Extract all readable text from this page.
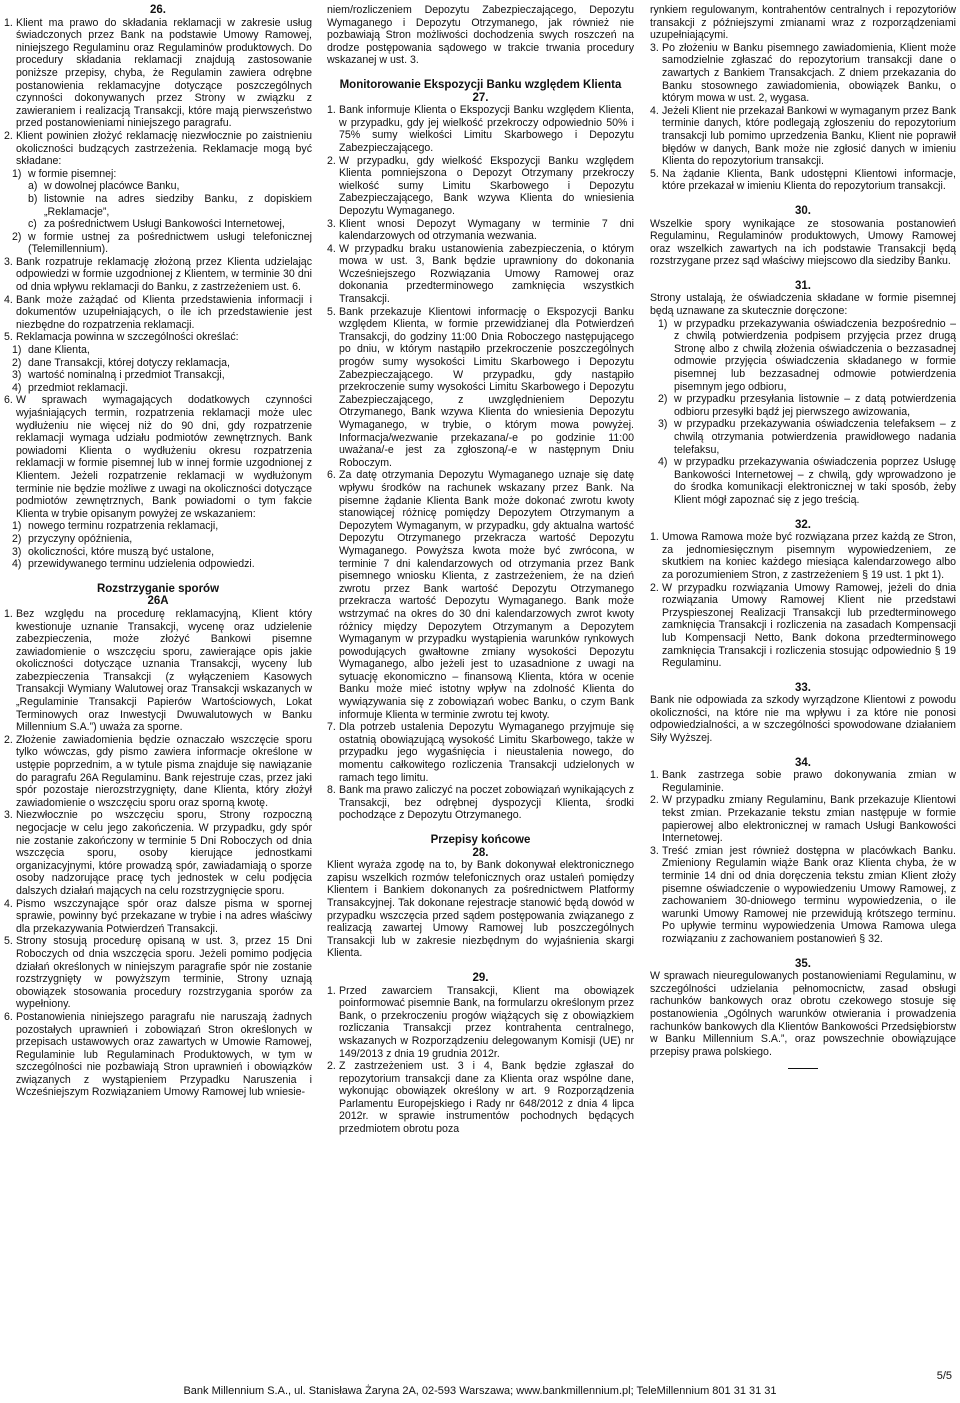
26.

1. Klient ma prawo do składania reklamacji w zakresie usług świadczonych przez Bank na podstawie Umowy Ramowej, niniejszego Regulaminu oraz Regulaminów produktowych. Do procedury składania reklamacji znajdują zastosowanie poniższe przepisy, chyba, że Regulamin zawiera odrębne postanowienia reklamacyjne dotyczące poszczególnych czynności dokonywanych przez Strony w związku z zawieraniem i realizacją Transakcji, które mają pierwszeństwo przed postanowieniami niniejszego paragrafu.
2. Klient powinien złożyć reklamację niezwłocznie po zaistnieniu okoliczności budzących zastrzeżenia. Reklamacje mogą być składane:
1) w formie pisemnej:
a) w dowolnej placówce Banku,
b) listownie na adres siedziby Banku, z dopiskiem „Reklamacje”,
c) za pośrednictwem Usługi Bankowości Internetowej,
2) w formie ustnej za pośrednictwem usługi telefonicznej (Telemillennium).
3. Bank rozpatruje reklamację złożoną przez Klienta udzielając odpowiedzi w formie uzgodnionej z Klientem, w terminie 30 dni od dnia wpływu reklamacji do Banku, z zastrzeżeniem ust. 6.
4. Bank może zażądać od Klienta przedstawienia informacji i dokumentów uzupełniających, o ile ich przedstawienie jest niezbędne do rozpatrzenia reklamacji.
5. Reklamacja powinna w szczególności określać:
1) dane Klienta,
2) dane Transakcji, której dotyczy reklamacja,
3) wartość nominalną i przedmiot Transakcji,
4) przedmiot reklamacji.
6. W sprawach wymagających dodatkowych czynności wyjaśniających termin, rozpatrzenia reklamacji może ulec wydłużeniu nie więcej niż do 90 dni, gdy rozpatrzenie reklamacji wymaga udziału podmiotów zewnętrznych. Bank powiadomi Klienta o wydłużeniu okresu rozpatrzenia reklamacji w formie pisemnej lub w innej formie uzgodnionej z Klientem. Jeżeli rozpatrzenie reklamacji w wydłużonym terminie nie będzie możliwe z uwagi na okoliczności dotyczące podmiotów zewnętrznych, Bank powiadomi o tym fakcie Klienta w trybie opisanym powyżej ze wskazaniem:
1) nowego terminu rozpatrzenia reklamacji,
2) przyczyny opóźnienia,
3) okoliczności, które muszą być ustalone,
4) przewidywanego terminu udzielenia odpowiedzi.

Rozstrzyganie sporów

26A

1. Bez względu na procedurę reklamacyjną, Klient który kwestionuje uznanie Transakcji, wycenę oraz udzielenie zabezpieczenia, może złożyć Bankowi pisemne zawiadomienie o wszczęciu sporu, zawierające opis jakie okoliczności dotyczące uznania Transakcji, wyceny lub zabezpieczenia Transakcji (z wyłączeniem Kasowych Transakcji Wymiany Walutowej oraz Transakcji wskazanych w „Regulaminie Transakcji Papierów Wartościowych, Lokat Terminowych oraz Inwestycji Dwuwalutowych w Banku Millennium S.A.”) uważa za spornе.
2. Złożenie zawiadomienia będzie oznaczało wszczęcie sporu tylko wówczas, gdy pismo zawiera informacje określone w ustępie poprzednim, a w tytule pisma znajduje się nawiązanie do paragrafu 26A Regulaminu. Bank rejestruje czas, przez jaki spór pozostaje nierozstrzygnięty, dane Klienta, który złożył zawiadomienie o wszczęciu sporu oraz sporną kwotę.
3. Niezwłocznie po wszczęciu sporu, Strony rozpoczną negocjacje w celu jego zakończenia. W przypadku, gdy spór nie zostanie zakończony w terminie 5 Dni Roboczych od dnia wszczęcia sporu, osoby kierujące jednostkami organizacyjnymi, które prowadzą spór, zawiadamiają o sporze osoby nadzorujące pracę tych jednostek w celu podjęcia dalszych działań mających na celu rozstrzygnięcie sporu.
4. Pismo wszczynające spór oraz dalsze pisma w spornej sprawie, powinny być przekazane w trybie i na adres właściwy dla przekazywania Potwierdzeń Transakcji.
5. Strony stosują procedurę opisaną w ust. 3, przez 15 Dni Roboczych od dnia wszczęcia sporu. Jeżeli pomimo podjęcia działań określonych w niniejszym paragrafie spór nie zostanie rozstrzygnięty w powyższym terminie, Strony uznają obowiązek stosowania procedury rozstrzygania sporów za wypełniony.
6. Postanowienia niniejszego paragrafu nie naruszają żadnych pozostałych uprawnień i zobowiązań Stron określonych w przepisach ustawowych oraz zawartych w Umowie Ramowej, Regulaminie lub Regulaminach Produktowych, w tym w szczególności nie pozbawiają Stron uprawnień i obowiązków związanych z wystąpieniem Przypadku Naruszenia i Wcześniejszym Rozwiązaniem Umowy Ramowej lub wniesie-

niem/rozliczeniem Depozytu Zabezpieczającego, Depozytu Wymaganego i Depozytu Otrzymanego, jak również nie pozbawiają Stron możliwości dochodzenia swych roszczeń na drodze postępowania sądowego w trakcie trwania procedury wskazanej w ust. 3.

Monitorowanie Ekspozycji Banku względem Klienta

27.

1. Bank informuje Klienta o Ekspozycji Banku względem Klienta, w przypadku, gdy jej wielkość przekroczy odpowiednio 50% i 75% sumy wielkości Limitu Skarbowego i Depozytu Zabezpieczającego.
2. W przypadku, gdy wielkość Ekspozycji Banku względem Klienta pomniejszona o Depozyt Otrzymany przekroczy wielkość sumy Limitu Skarbowego i Depozytu Zabezpieczającego, Bank wzywa Klienta do wniesienia Depozytu Wymaganego.
3. Klient wnosi Depozyt Wymagany w terminie 7 dni kalendarzowych od otrzymania wezwania.
4. W przypadku braku ustanowienia zabezpieczenia, o którym mowa w ust. 3, Bank będzie uprawniony do dokonania Wcześniejszego Rozwiązania Umowy Ramowej oraz dokonania przedterminowego zamknięcia wszystkich Transakcji.
5. Bank przekazuje Klientowi informację o Ekspozycji Banku względem Klienta, w formie przewidzianej dla Potwierdzeń Transakcji, do godziny 11:00 Dnia Roboczego następującego po dniu, w którym nastąpiło przekroczenie poszczególnych progów sumy wysokości Limitu Skarbowego i Depozytu Zabezpieczającego. W przypadku, gdy nastąpiło przekroczenie sumy wysokości Limitu Skarbowego i Depozytu Zabezpieczającego, z uwzględnieniem Depozytu Otrzymanego, Bank wzywa Klienta do wniesienia Depozytu Wymaganego, w trybie, o którym mowa powyżej. Informacja/wezwanie przekazana/-e po godzinie 11:00 uważana/-e jest za zgłoszoną/-e w następnym Dniu Roboczym.
6. Za datę otrzymania Depozytu Wymaganego uznaje się datę wpływu środków na rachunek wskazany przez Bank. Na pisemne żądanie Klienta Bank może dokonać zwrotu kwoty stanowiącej różnicę pomiędzy Depozytem Otrzymanym a Depozytem Wymaganym, w przypadku, gdy aktualna wartość Depozytu Otrzymanego przekracza wartość Depozytu Wymaganego. Powyższa kwota może być zwrócona, w terminie 7 dni kalendarzowych od otrzymania przez Bank pisemnego wniosku Klienta, z zastrzeżeniem, że na dzień zwrotu przez Bank wartość Depozytu Otrzymanego przekracza wartość Depozytu Wymaganego. Bank może wstrzymać na okres do 30 dni kalendarzowych zwrot kwoty różnicy między Depozytem Otrzymanym a Depozytem Wymaganym w przypadku wystąpienia warunków rynkowych powodujących gwałtowne zmiany wysokości Depozytu Wymaganego, albo jeżeli jest to uzasadnione z uwagi na sytuację ekonomiczno – finansową Klienta, która w ocenie Banku może mieć istotny wpływ na zdolność Klienta do wywiązywania się z zobowiązań wobec Banku, o czym Bank informuje Klienta w terminie zwrotu tej kwoty.
7. Dla potrzeb ustalenia Depozytu Wymaganego przyjmuje się ostatnią obowiązującą wysokość Limitu Skarbowego, także w przypadku jego wygaśnięcia i nieustalenia nowego, do momentu całkowitego rozliczenia Transakcji udzielonych w ramach tego limitu.
8. Bank ma prawo zaliczyć na poczet zobowiązań wynikających z Transakcji, bez odrębnej dyspozycji Klienta, środki pochodzące z Depozytu Otrzymanego.

Przepisy końcowe

28.

Klient wyraża zgodę na to, by Bank dokonywał elektronicznego zapisu wszelkich rozmów telefonicznych oraz ustaleń pomiędzy Klientem i Bankiem dokonanych za pośrednictwem Platformy Transakcyjnej. Tak dokonane rejestracje stanowić będą dowód w przypadku wszczęcia przed sądem postępowania związanego z realizacją zawartej Umowy Ramowej lub poszczególnych Transakcji lub w zakresie niezbędnym do wyjaśnienia skargi Klienta.

29.

1. Przed zawarciem Transakcji, Klient ma obowiązek poinformować pisemnie Bank, na formularzu określonym przez Bank, o przekroczeniu progów wiążących się z obowiązkiem rozliczania Transakcji przez kontrahenta centralnego, wskazanych w Rozporządzeniu delegowanym Komisji (UE) nr 149/2013 z dnia 19 grudnia 2012r.
2. Z zastrzeżeniem ust. 3 i 4, Bank będzie zgłaszał do repozytorium transakcji dane za Klienta oraz wspólne dane, wykonując obowiązek określony w art. 9 Rozporządzenia Parlamentu Europejskiego i Rady nr 648/2012 z dnia 4 lipca 2012r. w sprawie instrumentów pochodnych będących przedmiotem obrotu poza

rynkiem regulowanym, kontrahentów centralnych i repozytoriów transakcji z późniejszymi zmianami wraz z rozporządzeniami uzupełniającymi.

3. Po złożeniu w Banku pisemnego zawiadomienia, Klient może samodzielnie zgłaszać do repozytorium transakcji dane o zawartych z Bankiem Transakcjach. Z dniem przekazania do Banku stosownego zawiadomienia, obowiązek Banku, o którym mowa w ust. 2, wygasa.
4. Jeżeli Klient nie przekazał Bankowi w wymaganym przez Bank terminie danych, które podlegają zgłoszeniu do repozytorium transakcji lub pomimo uprzedzenia Banku, Klient nie poprawił błędów w danych, Bank może nie zgłosić danych w imieniu Klienta do repozytorium transakcji.
5. Na żądanie Klienta, Bank udostępni Klientowi informacje, które przekazał w imieniu Klienta do repozytorium transakcji.

30.

Wszelkie spory wynikające ze stosowania postanowień Regulaminu, Regulaminów produktowych, Umowy Ramowej oraz wszelkich zawartych na ich podstawie Transakcji będą rozstrzygane przez sąd właściwy miejscowo dla siedziby Banku.

31.

Strony ustalają, że oświadczenia składane w formie pisemnej będą uznawane za skutecznie doręczone:

1) w przypadku przekazywania oświadczenia bezpośrednio – z chwilą potwierdzenia podpisem przyjęcia przez drugą Stronę albo z chwilą złożenia oświadczenia o bezzasadnej odmowie przyjęcia oświadczenia składanego w formie pisemnej lub bezzasadnej odmowie potwierdzenia pisemnym jego odbioru,
2) w przypadku przesyłania listownie – z datą potwierdzenia odbioru przesyłki bądź jej pierwszego awizowania,
3) w przypadku przekazywania oświadczenia telefaksem – z chwilą otrzymania potwierdzenia prawidłowego nadania telefaksu,
4) w przypadku przekazywania oświadczenia poprzez Usługę Bankowości Internetowej – z chwilą, gdy wprowadzono je do środka komunikacji elektronicznej w taki sposób, żeby Klient mógł zapoznać się z jego treścią.

32.

1. Umowa Ramowa może być rozwiązana przez każdą ze Stron, za jednomiesięcznym pisemnym wypowiedzeniem, ze skutkiem na koniec każdego miesiąca kalendarzowego albo za porozumieniem Stron, z zastrzeżeniem § 19 ust. 1 pkt 1).
2. W przypadku rozwiązania Umowy Ramowej, jeżeli do dnia rozwiązania Umowy Ramowej Klient nie przedstawi Przyspieszonej Realizacji Transakcji lub przedterminowego zamknięcia Transakcji i rozliczenia na zasadach Kompensacji lub Kompensacji Netto, Bank dokona przedterminowego zamknięcia Transakcji i rozliczenia stosując odpowiednio § 19 Regulaminu.

33.

Bank nie odpowiada za szkody wyrządzone Klientowi z powodu okoliczności, na które nie ma wpływu i za które nie ponosi odpowiedzialności, a w szczególności spowodowane działaniem Siły Wyższej.

34.

1. Bank zastrzega sobie prawo dokonywania zmian w Regulaminie.
2. W przypadku zmiany Regulaminu, Bank przekazuje Klientowi tekst zmian. Przekazanie tekstu zmian następuje w formie papierowej albo elektronicznej w ramach Usługi Bankowości Internetowej.
3. Treść zmian jest również dostępna w placówkach Banku. Zmieniony Regulamin wiąże Bank oraz Klienta chyba, że w terminie 14 dni od dnia doręczenia tekstu zmian Klient złoży pisemne oświadczenie o wypowiedzeniu Umowy Ramowej, z zachowaniem 30-dniowego terminu wypowiedzenia, o ile warunki Umowy Ramowej nie przewidują krótszego terminu. Po upływie terminu wypowiedzenia Umowa Ramowa ulega rozwiązaniu z zachowaniem postanowień § 32.

35.

W sprawach nieuregulowanych postanowieniami Regulaminu, w szczególności udzielania pełnomocnictw, zasad obsługi rachunków bankowych oraz obrotu czekowego stosuje się postanowienia „Ogólnych warunków otwierania i prowadzenia rachunków bankowych dla Klientów Bankowości Przedsiębiorstw w Banku Millennium S.A.”, oraz powszechnie obowiązujące przepisy prawa polskiego.

5/5
Bank Millennium S.A., ul. Stanisława Żaryna 2A, 02-593 Warszawa; www.bankmillennium.pl; TeleMillennium 801 31 31 31
